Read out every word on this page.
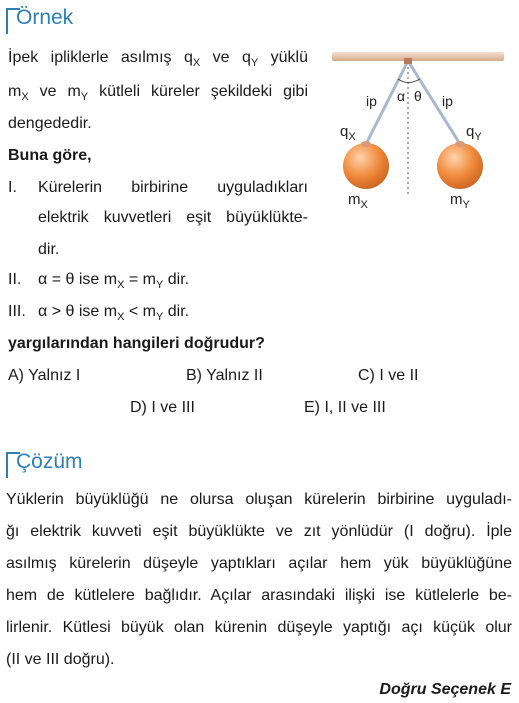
Örnek
İpek ipliklerle asılmış $q_X$ ve $q_Y$ yüklü
$m_X$ ve $m_Y$ kütleli küreler şekildeki gibi
dengededir.
Buna göre,
I. Kürelerin birbirine uyguladıkları
elektrik kuvvetleri eşit büyüklükte-
dir.
II. α = θ ise $m_X = m_Y$ dir.
III. α > θ ise $m_X < m_Y$ dir.
yargılarından hangileri doğrudur?
A) Yalnız I	B) Yalnız II	C) I ve II
D) I ve III	E) I, II ve III
ip	ip
α θ
$q_X$	$q_Y$
$m_X$	$m_Y$
Çözüm
Yüklerin büyüklüğü ne olursa oluşan kürelerin birbirine uyguladı-
ğı elektrik kuvveti eşit büyüklükte ve zıt yönlüdür (I doğru). İple
asılmış kürelerin düşeyle yaptıkları açılar hem yük büyüklüğüne
hem de kütlelere bağlıdır. Açılar arasındaki ilişki ise kütlelerle be-
lirlenir. Kütlesi büyük olan kürenin düşeyle yaptığı açı küçük olur
(II ve III doğru).
Doğru Seçenek E
